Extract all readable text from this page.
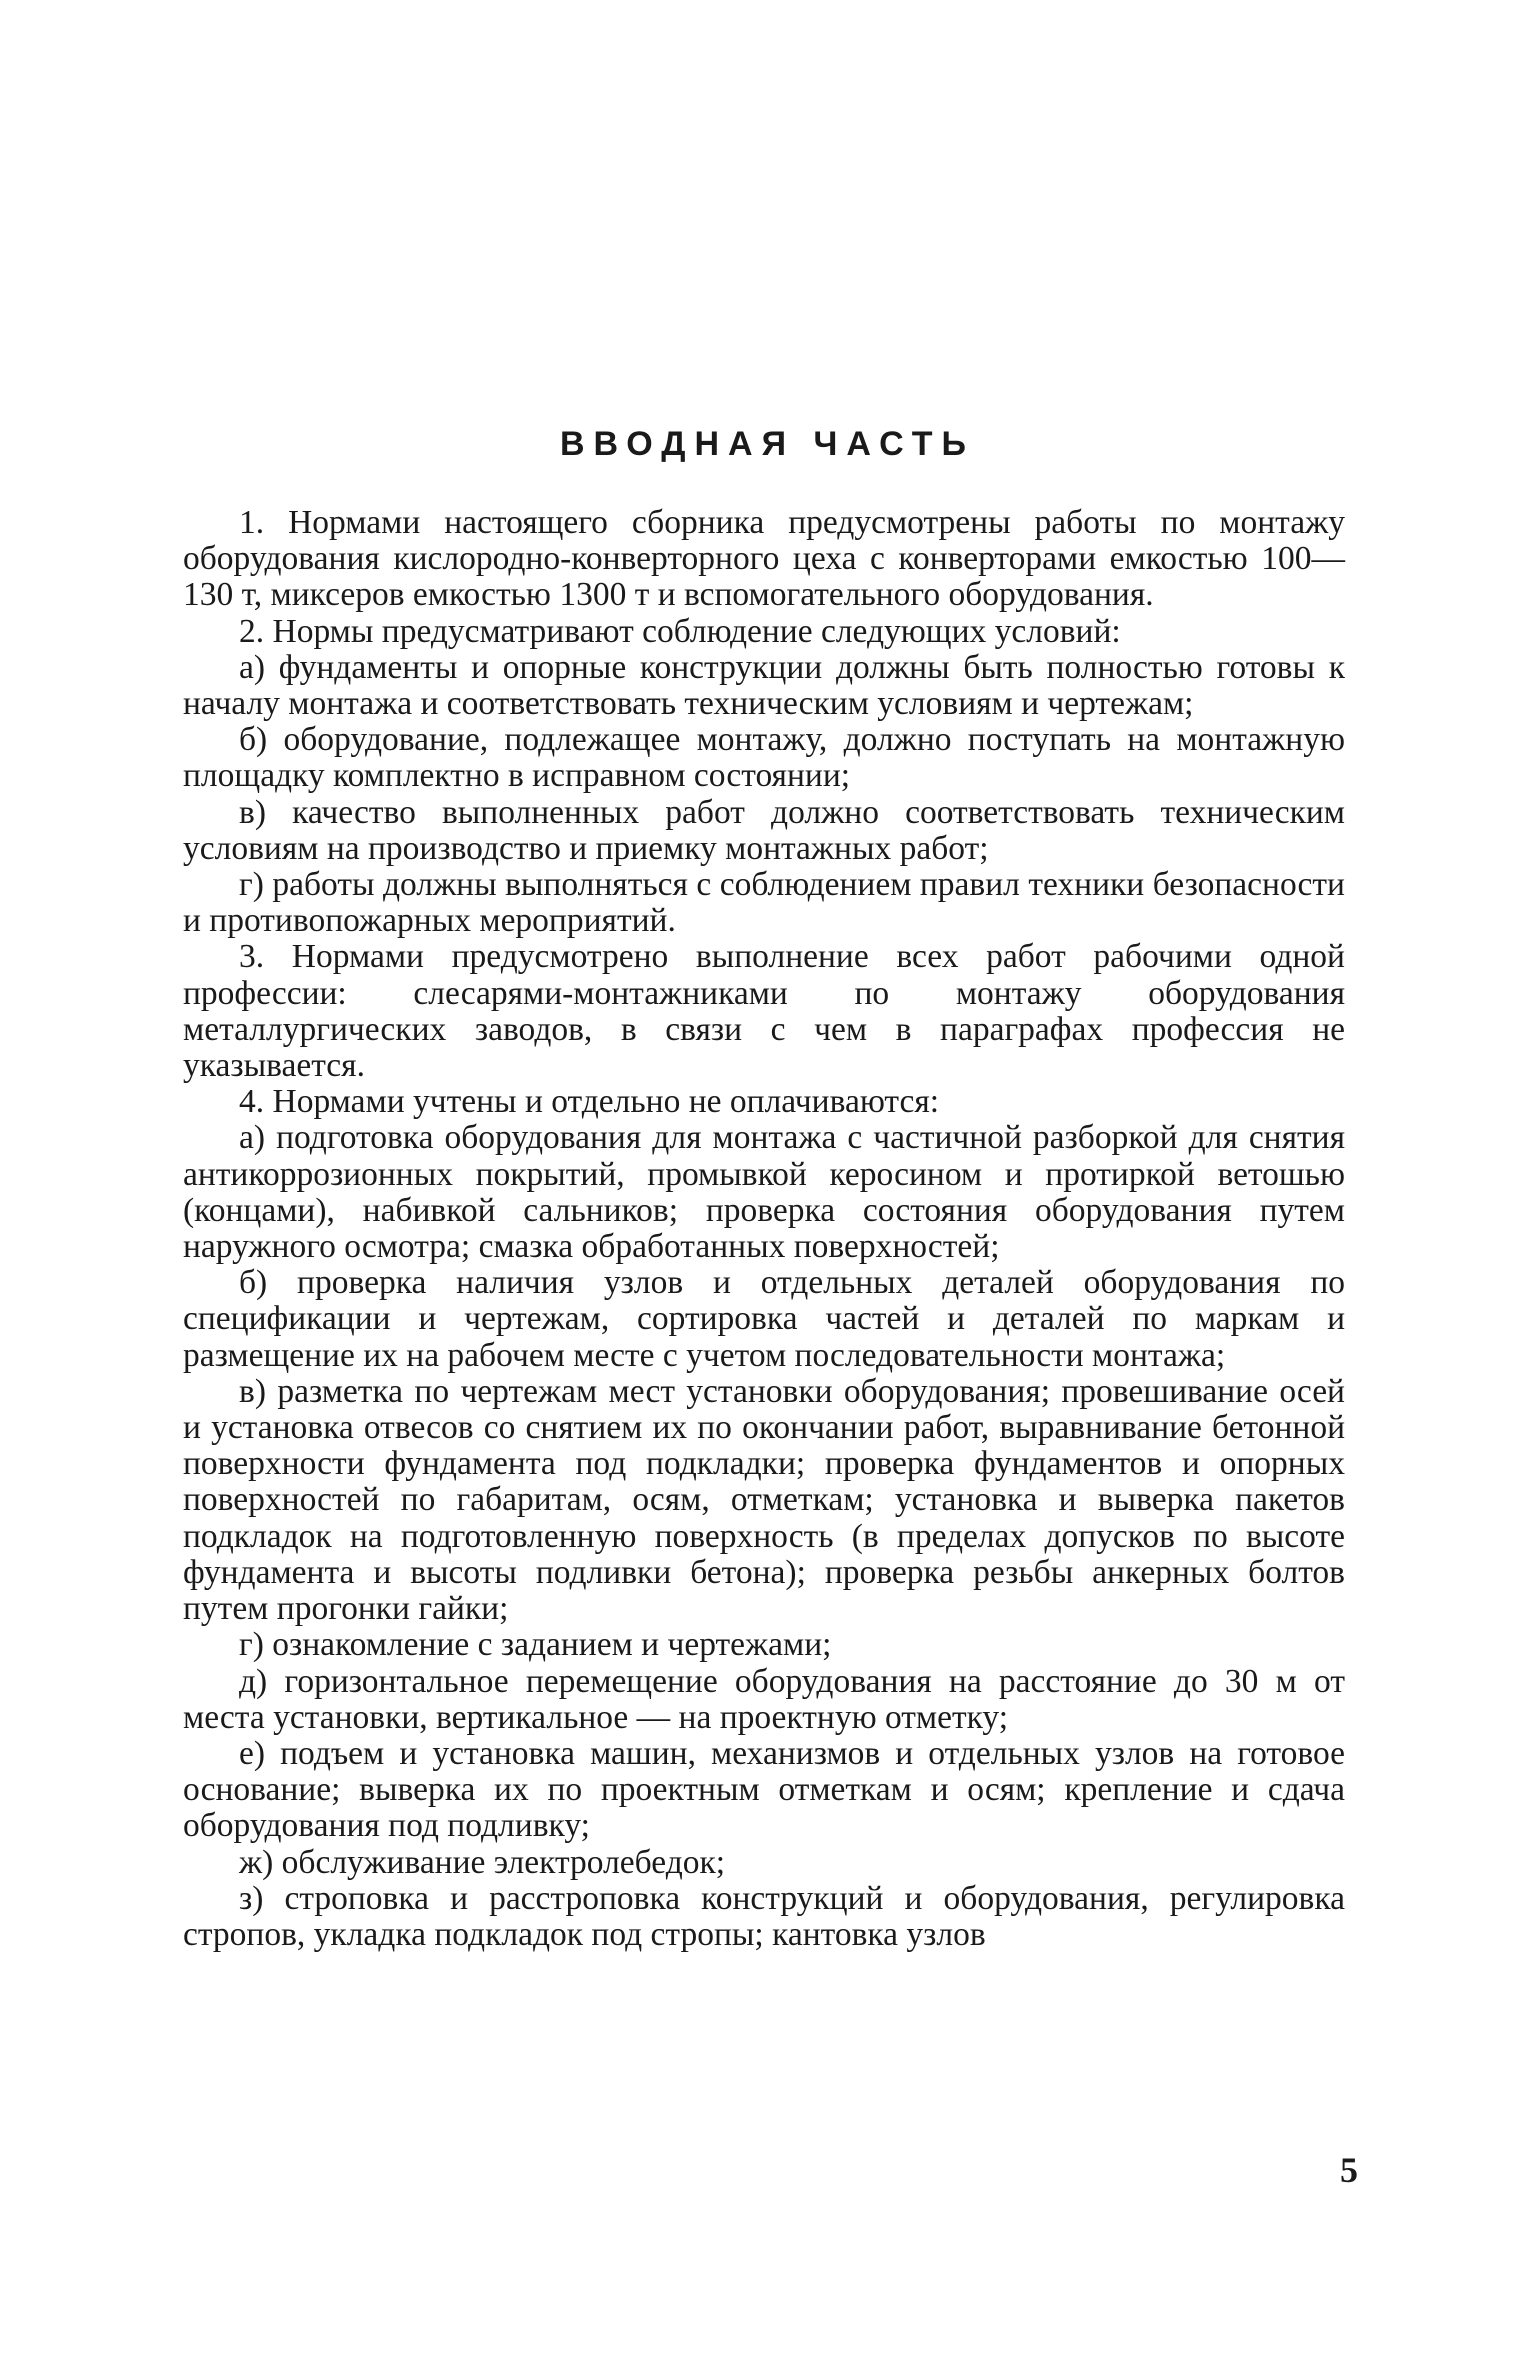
ВВОДНАЯ ЧАСТЬ

1. Нормами настоящего сборника предусмотрены работы по монтажу оборудования кислородно-конверторного цеха с конверторами емкостью 100—130 т, миксеров емкостью 1300 т и вспомогательного оборудования.

2. Нормы предусматривают соблюдение следующих условий:

а) фундаменты и опорные конструкции должны быть полностью готовы к началу монтажа и соответствовать техническим условиям и чертежам;

б) оборудование, подлежащее монтажу, должно поступать на монтажную площадку комплектно в исправном состоянии;

в) качество выполненных работ должно соответствовать техническим условиям на производство и приемку монтажных работ;

г) работы должны выполняться с соблюдением правил техники безопасности и противопожарных мероприятий.

3. Нормами предусмотрено выполнение всех работ рабочими одной профессии: слесарями-монтажниками по монтажу оборудования металлургических заводов, в связи с чем в параграфах профессия не указывается.

4. Нормами учтены и отдельно не оплачиваются:

а) подготовка оборудования для монтажа с частичной разборкой для снятия антикоррозионных покрытий, промывкой керосином и протиркой ветошью (концами), набивкой сальников; проверка состояния оборудования путем наружного осмотра; смазка обработанных поверхностей;

б) проверка наличия узлов и отдельных деталей оборудования по спецификации и чертежам, сортировка частей и деталей по маркам и размещение их на рабочем месте с учетом последовательности монтажа;

в) разметка по чертежам мест установки оборудования; провешивание осей и установка отвесов со снятием их по окончании работ, выравнивание бетонной поверхности фундамента под подкладки; проверка фундаментов и опорных поверхностей по габаритам, осям, отметкам; установка и выверка пакетов подкладок на подготовленную поверхность (в пределах допусков по высоте фундамента и высоты подливки бетона); проверка резьбы анкерных болтов путем прогонки гайки;

г) ознакомление с заданием и чертежами;

д) горизонтальное перемещение оборудования на расстояние до 30 м от места установки, вертикальное — на проектную отметку;

е) подъем и установка машин, механизмов и отдельных узлов на готовое основание; выверка их по проектным отметкам и осям; крепление и сдача оборудования под подливку;

ж) обслуживание электролебедок;

з) строповка и расстроповка конструкций и оборудования, регулировка стропов, укладка подкладок под стропы; кантовка узлов

5
